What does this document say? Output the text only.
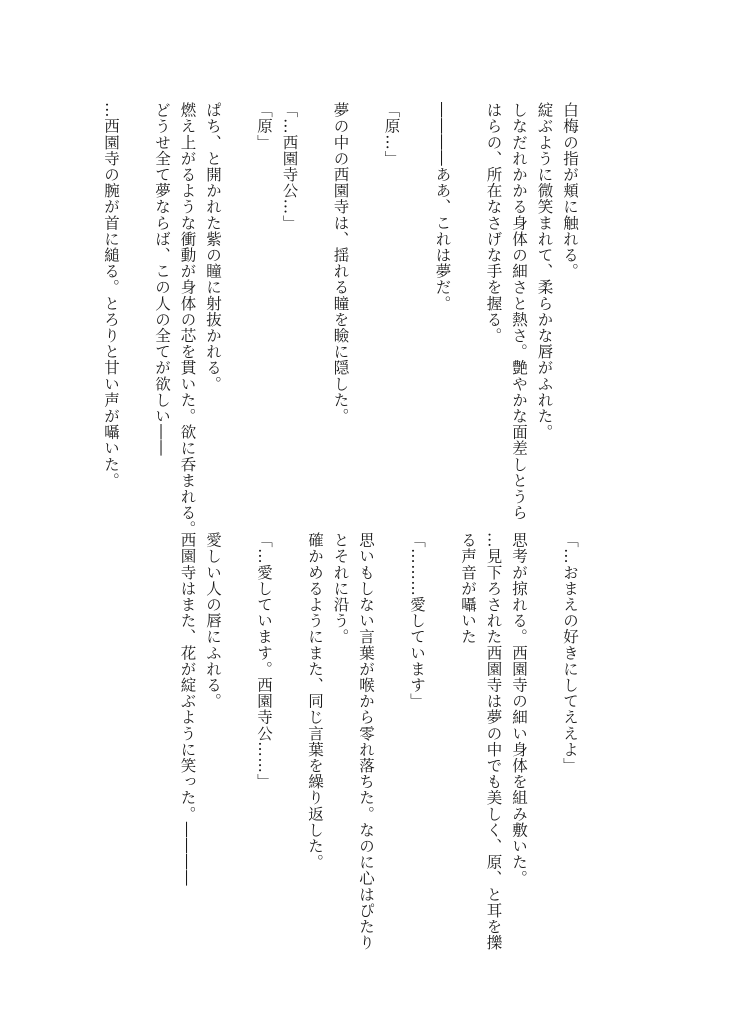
白梅の指が頬に触れる。
綻ぶように微笑まれて、柔らかな唇がふれた。
しなだれかかる身体の細さと熱さ。艶やかな面差しとうら
はらの、所在なさげな手を握る。

――――ああ、これは夢だ。

「原…」

夢の中の西園寺は、揺れる瞳を瞼に隠した。

「…西園寺公…」
「原」

ぱち、と開かれた紫の瞳に射抜かれる。
燃え上がるような衝動が身体の芯を貫いた。欲に呑まれる。
どうせ全て夢ならば、この人の全てが欲しい――

…西園寺の腕が首に縋る。とろりと甘い声が囁いた。
「…おまえの好きにしてええよ」

思考が掠れる。西園寺の細い身体を組み敷いた。
…見下ろされた西園寺は夢の中でも美しく、原、と耳を擽
る声音が囁いた

「………愛しています」

思いもしない言葉が喉から零れ落ちた。なのに心はぴたり
とそれに沿う。
確かめるようにまた、同じ言葉を繰り返した。

「…愛しています。西園寺公……」

愛しい人の唇にふれる。
西園寺はまた、花が綻ぶように笑った。――――
